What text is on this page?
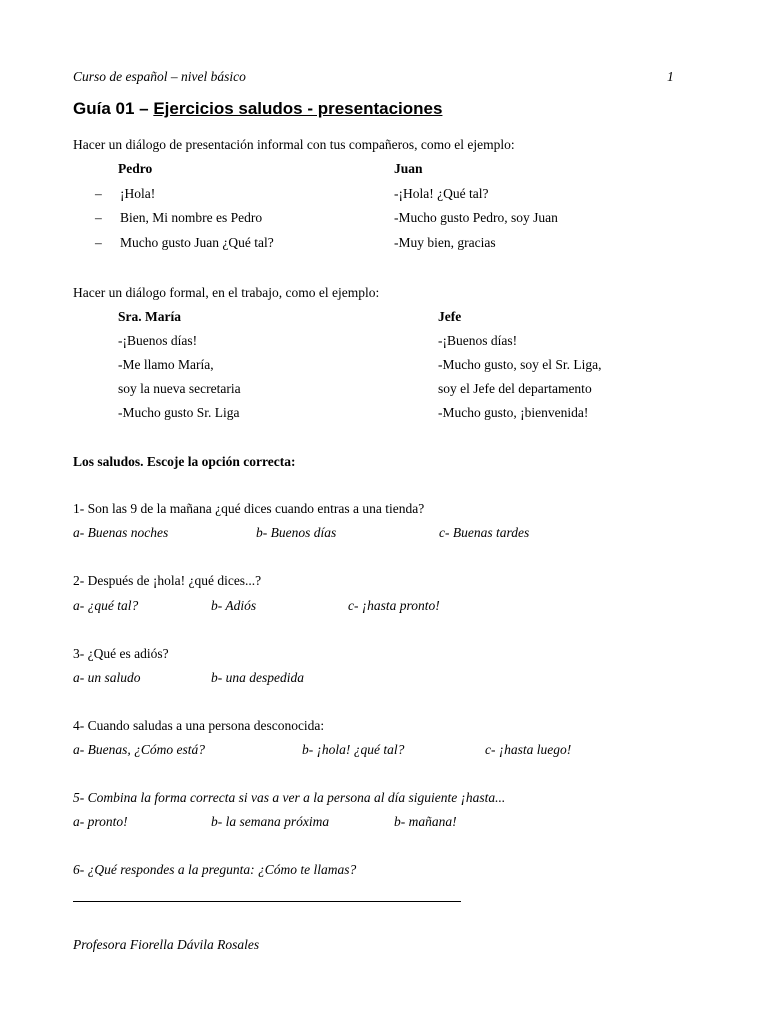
Curso de español – nivel básico	1
Guía 01 – Ejercicios saludos - presentaciones
Hacer un diálogo de presentación informal con tus compañeros, como el ejemplo:
Pedro	Juan
– ¡Hola!	-¡Hola! ¿Qué tal?
– Bien, Mi nombre es Pedro	-Mucho gusto Pedro, soy Juan
– Mucho gusto Juan ¿Qué tal?	-Muy bien, gracias
Hacer un diálogo formal, en el trabajo, como el ejemplo:
Sra. María	Jefe
-¡Buenos días!	-¡Buenos días!
-Me llamo María,	-Mucho gusto, soy el Sr. Liga,
soy la nueva secretaria	soy el Jefe del departamento
-Mucho gusto Sr. Liga	-Mucho gusto, ¡bienvenida!
Los saludos. Escoje la opción correcta:
1- Son las 9 de la mañana ¿qué dices cuando entras a una tienda?
a- Buenas noches	b- Buenos días	c- Buenas tardes
2- Después de ¡hola! ¿qué dices...?
a- ¿qué tal?	b- Adiós	c- ¡hasta pronto!
3- ¿Qué es adiós?
a- un saludo	b- una despedida
4- Cuando saludas a una persona desconocida:
a- Buenas, ¿Cómo está?	b- ¡hola! ¿qué tal?	c- ¡hasta luego!
5- Combina la forma correcta si vas a ver a la persona al día siguiente ¡hasta...
a- pronto!	b- la semana próxima	b- mañana!
6- ¿Qué respondes a la pregunta: ¿Cómo te llamas?
Profesora Fiorella Dávila Rosales
